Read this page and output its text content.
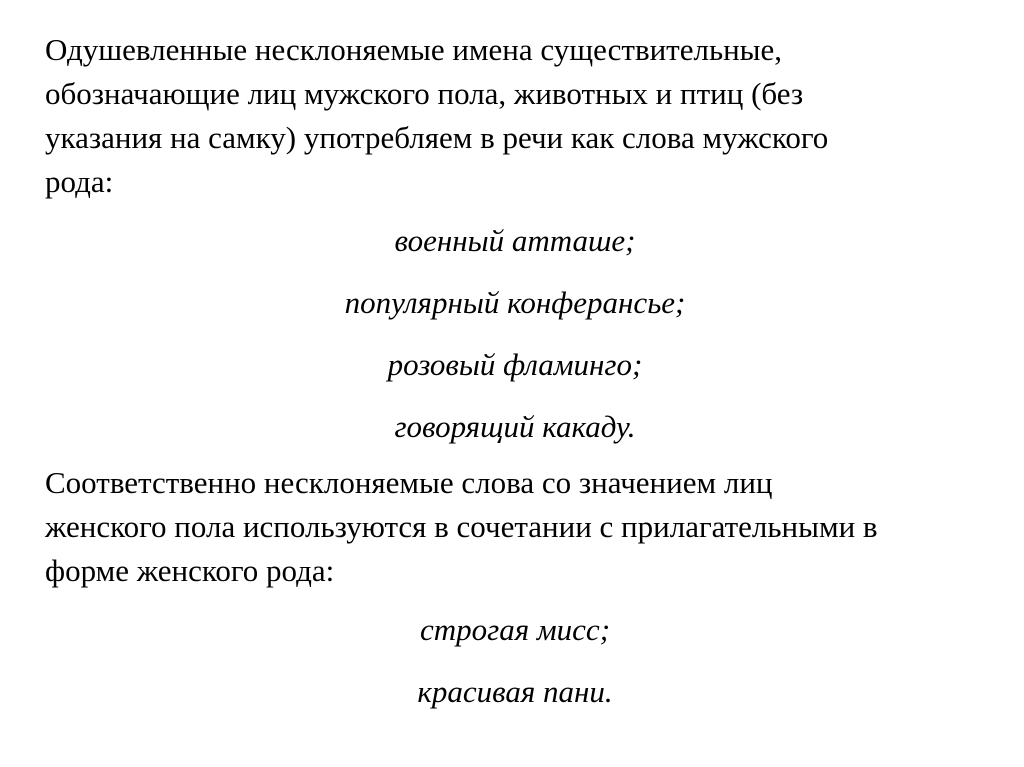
Одушевленные несклоняемые имена существительные,
обозначающие лиц мужского пола, животных и птиц (без
указания на самку) употребляем в речи как слова мужского
рода:

военный атташе;
популярный конферансье;
розовый фламинго;
говорящий какаду.

Соответственно несклоняемые слова со значением лиц
женского пола используются в сочетании с прилагательными в
форме женского рода:

строгая мисс;
красивая пани.
